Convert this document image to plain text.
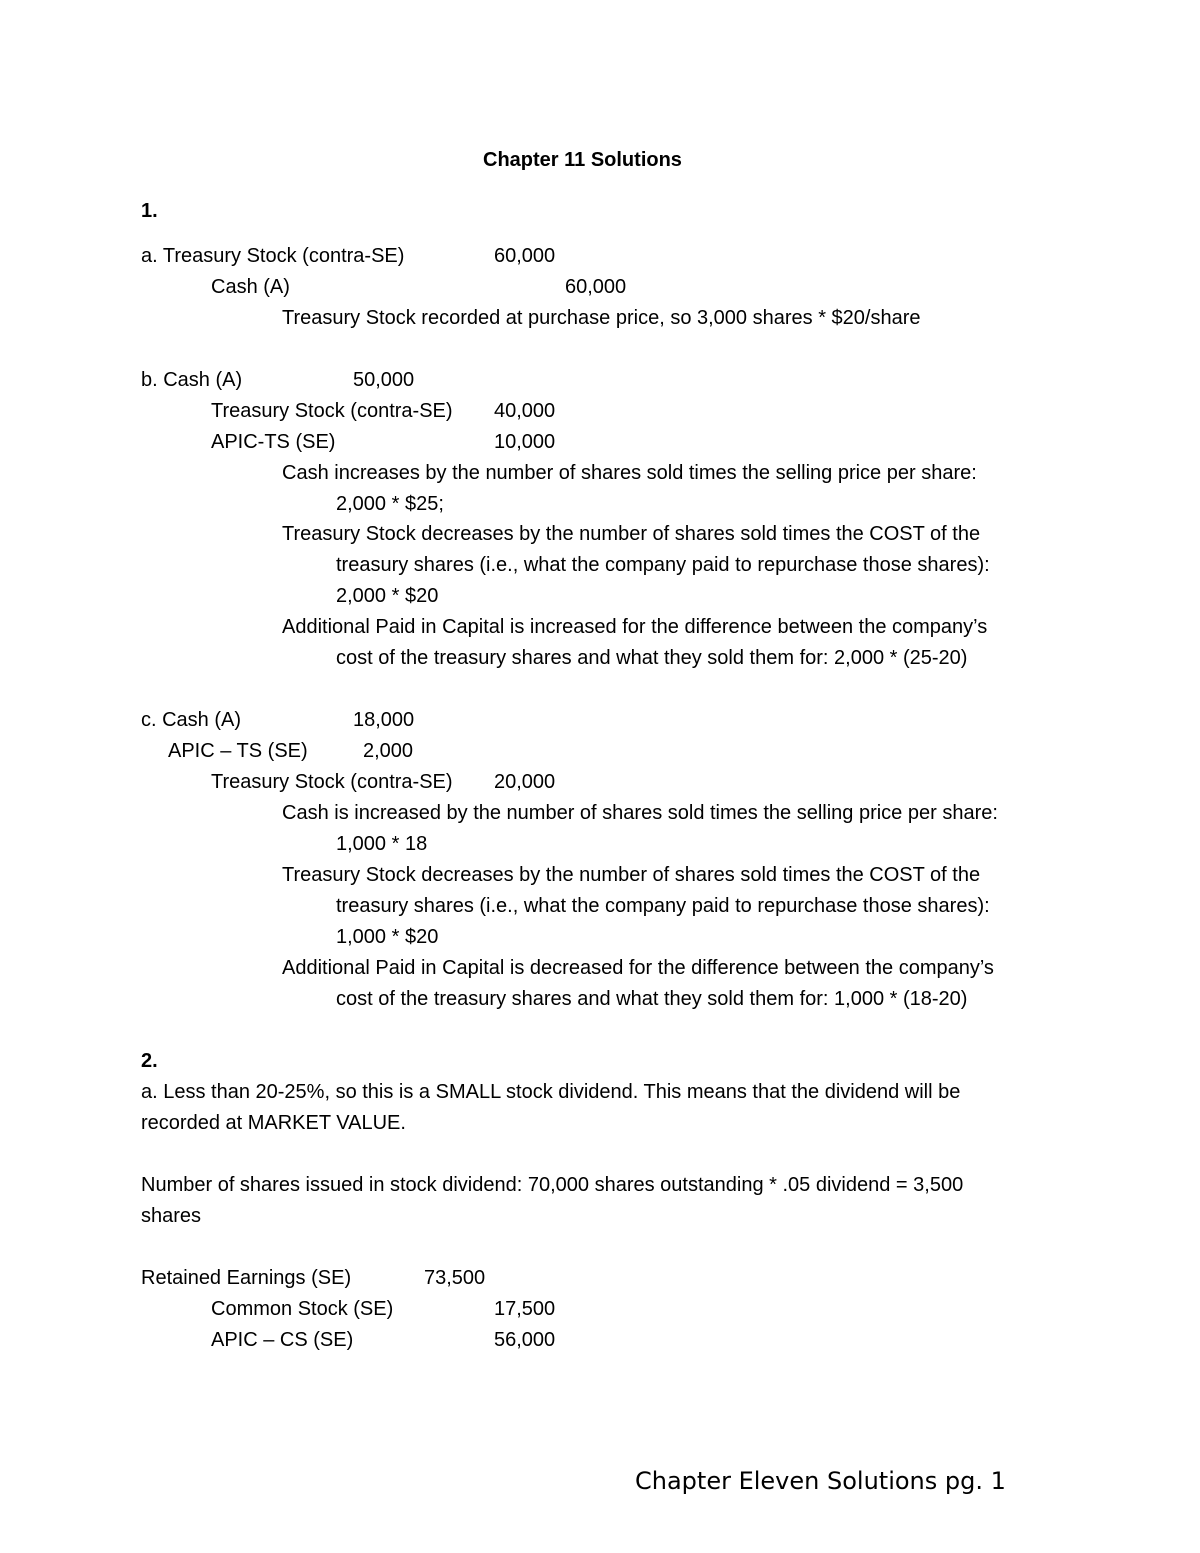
Chapter 11 Solutions
1.
a. Treasury Stock (contra-SE)	60,000
Cash (A)	60,000
Treasury Stock recorded at purchase price, so 3,000 shares * $20/share
b. Cash (A)	50,000
Treasury Stock (contra-SE) 40,000
APIC-TS (SE)	10,000
Cash increases by the number of shares sold times the selling price per share:
2,000 * $25;
Treasury Stock decreases by the number of shares sold times the COST of the
treasury shares (i.e., what the company paid to repurchase those shares):
2,000 * $20
Additional Paid in Capital is increased for the difference between the company’s
cost of the treasury shares and what they sold them for: 2,000 * (25-20)
c. Cash (A)	18,000
APIC – TS (SE)	2,000
Treasury Stock (contra-SE) 20,000
Cash is increased by the number of shares sold times the selling price per share:
1,000 * 18
Treasury Stock decreases by the number of shares sold times the COST of the
treasury shares (i.e., what the company paid to repurchase those shares):
1,000 * $20
Additional Paid in Capital is decreased for the difference between the company’s
cost of the treasury shares and what they sold them for: 1,000 * (18-20)
2.
a. Less than 20-25%, so this is a SMALL stock dividend. This means that the dividend will be
recorded at MARKET VALUE.
Number of shares issued in stock dividend: 70,000 shares outstanding * .05 dividend = 3,500
shares
Retained Earnings (SE)	73,500
Common Stock (SE)	17,500
APIC – CS (SE)	56,000
Chapter Eleven Solutions pg. 1
